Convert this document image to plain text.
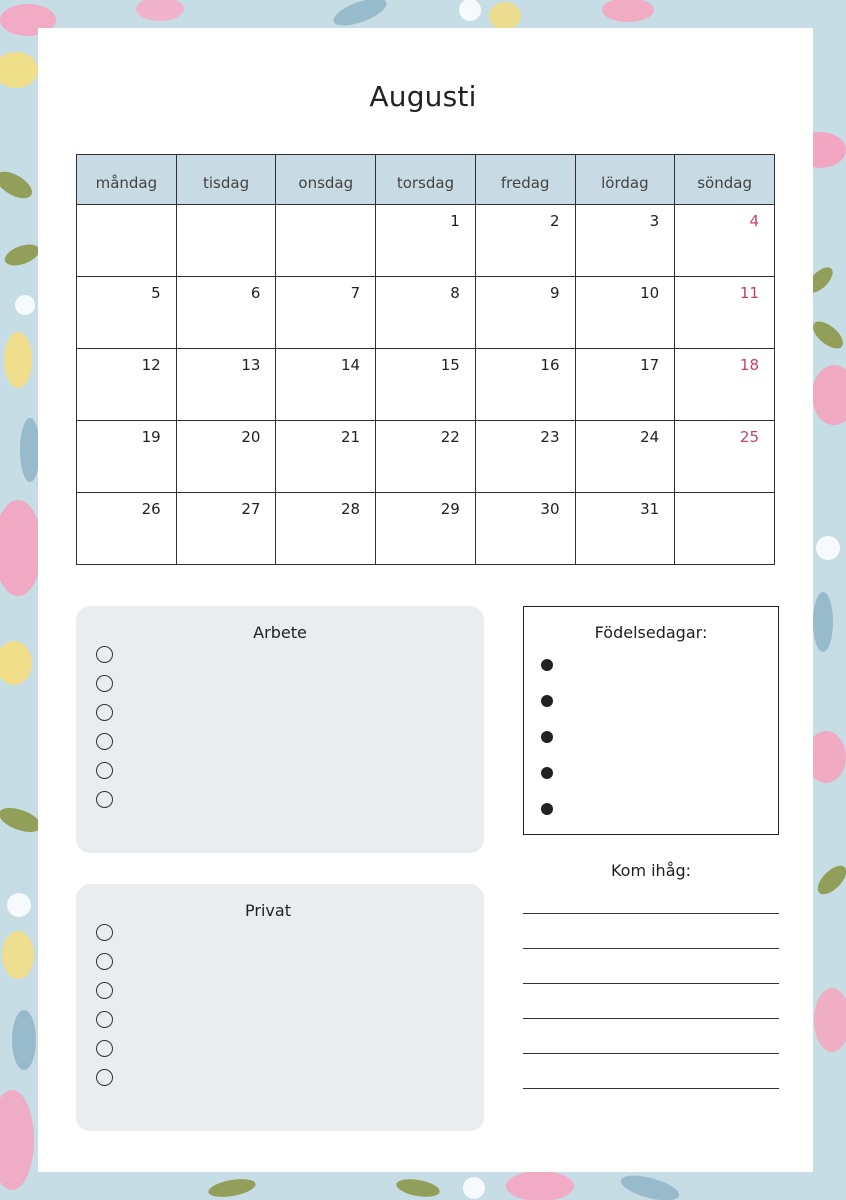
Augusti
måndag	tisdag	onsdag	torsdag	fredag	lördag	söndag
			1	2	3	4
5	6	7	8	9	10	11
12	13	14	15	16	17	18
19	20	21	22	23	24	25
26	27	28	29	30	31	
Arbete
Privat
Födelsedagar:
Kom ihåg:
